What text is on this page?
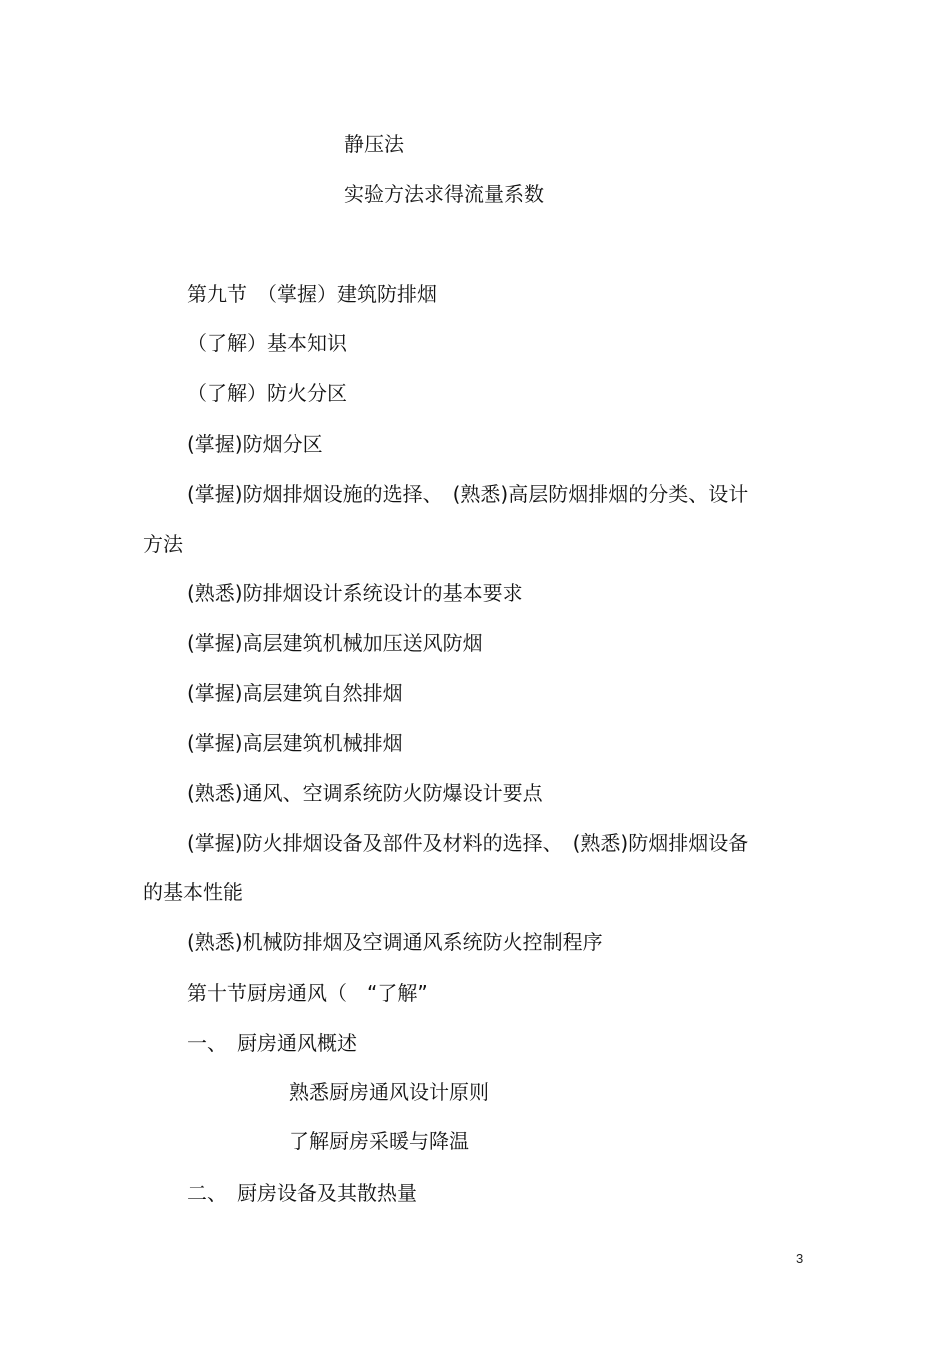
静压法
实验方法求得流量系数
第九节　（掌握）建筑防排烟
（了解）基本知识
（了解）防火分区
(掌握)防烟分区
(掌握)防烟排烟设施的选择、　(熟悉)高层防烟排烟的分类、设计
方法
(熟悉)防排烟设计系统设计的基本要求
(掌握)高层建筑机械加压送风防烟
(掌握)高层建筑自然排烟
(掌握)高层建筑机械排烟
(熟悉)通风、空调系统防火防爆设计要点
(掌握)防火排烟设备及部件及材料的选择、　(熟悉)防烟排烟设备
的基本性能
(熟悉)机械防排烟及空调通风系统防火控制程序
第十节厨房通风（　“了解”
一、　厨房通风概述
熟悉厨房通风设计原则
了解厨房采暖与降温
二、　厨房设备及其散热量
3
